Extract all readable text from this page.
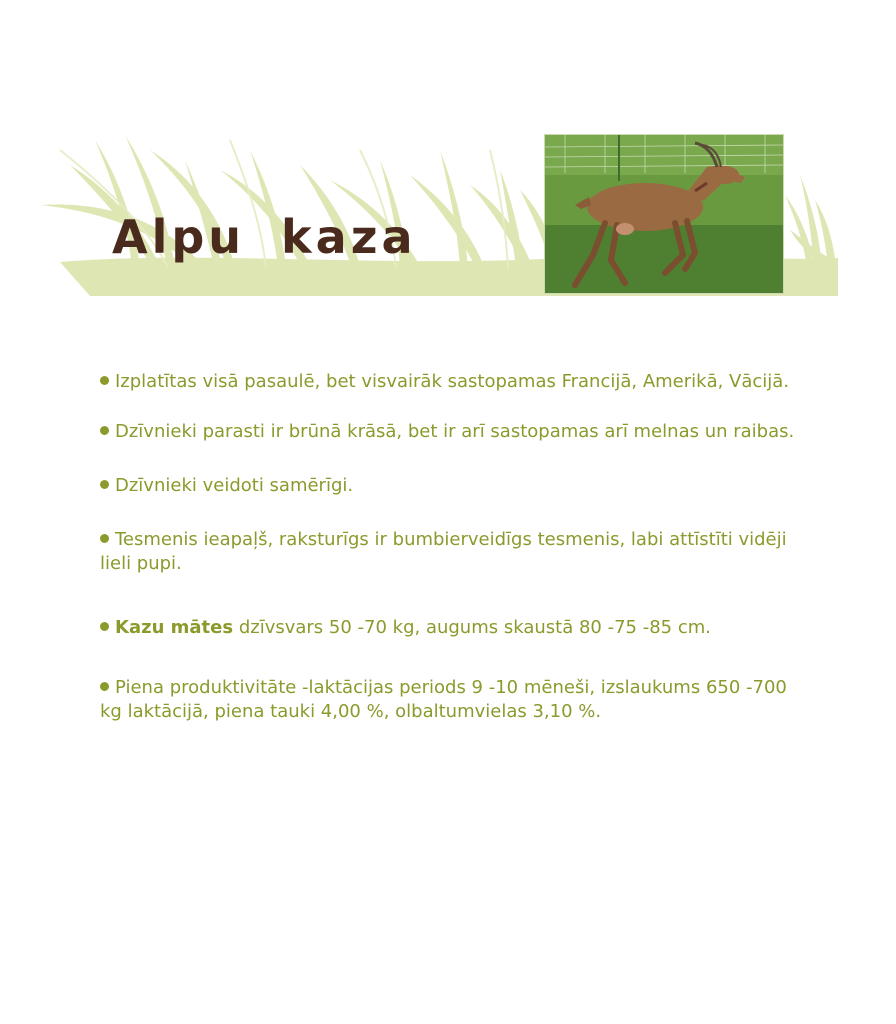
Alpu kaza
Izplatītas visā pasaulē, bet visvairāk sastopamas Francijā, Amerikā, Vācijā.
Dzīvnieki parasti ir brūnā krāsā, bet ir arī sastopamas arī melnas un raibas.
Dzīvnieki veidoti samērīgi.
Tesmenis ieapaļš, raksturīgs ir bumbierveidīgs tesmenis, labi attīstīti vidēji lieli pupi.
Kazu mātes dzīvsvars 50 -70 kg, augums skaustā 80 -75 -85 cm.
Piena produktivitāte -laktācijas periods 9 -10 mēneši, izslaukums 650 -700 kg laktācijā, piena tauki 4,00 %, olbaltumvielas 3,10 %.
